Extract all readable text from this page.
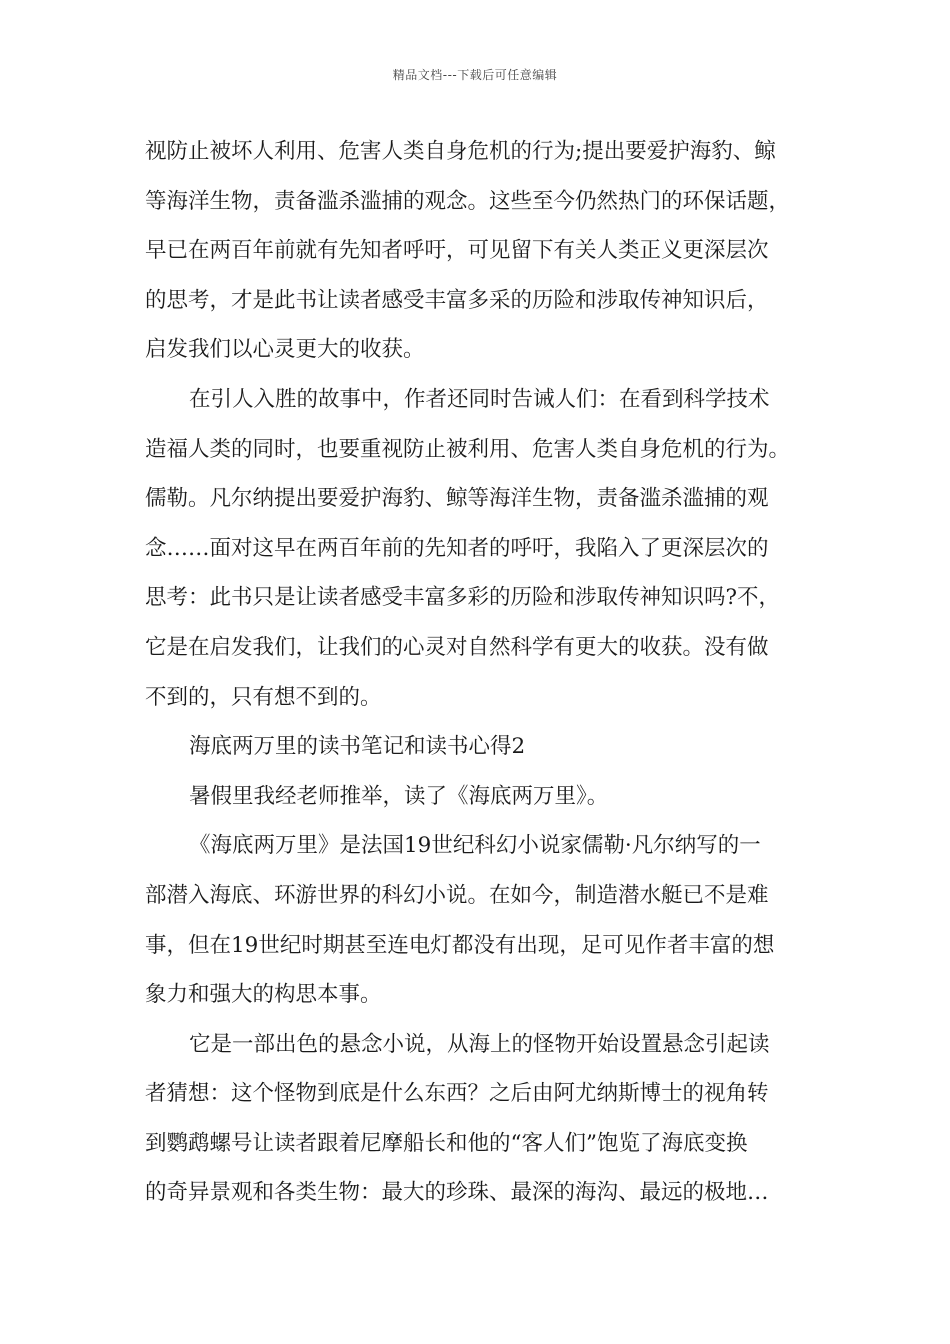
精品文档---下载后可任意编辑
视防止被坏人利用、危害人类自身危机的行为;提出要爱护海豹、鲸
等海洋生物，责备滥杀滥捕的观念。这些至今仍然热门的环保话题，
早已在两百年前就有先知者呼吁，可见留下有关人类正义更深层次
的思考，才是此书让读者感受丰富多采的历险和涉取传神知识后，
启发我们以心灵更大的收获。
在引人入胜的故事中，作者还同时告诫人们：在看到科学技术
造福人类的同时，也要重视防止被利用、危害人类自身危机的行为。
儒勒。凡尔纳提出要爱护海豹、鲸等海洋生物，责备滥杀滥捕的观
念……面对这早在两百年前的先知者的呼吁，我陷入了更深层次的
思考：此书只是让读者感受丰富多彩的历险和涉取传神知识吗?不，
它是在启发我们，让我们的心灵对自然科学有更大的收获。没有做
不到的，只有想不到的。
海底两万里的读书笔记和读书心得2
暑假里我经老师推举，读了《海底两万里》。
《海底两万里》是法国19世纪科幻小说家儒勒·凡尔纳写的一
部潜入海底、环游世界的科幻小说。在如今，制造潜水艇已不是难
事，但在19世纪时期甚至连电灯都没有出现，足可见作者丰富的想
象力和强大的构思本事。
它是一部出色的悬念小说，从海上的怪物开始设置悬念引起读
者猜想：这个怪物到底是什么东西？之后由阿尤纳斯博士的视角转
到鹦鹉螺号让读者跟着尼摩船长和他的“客人们”饱览了海底变换
的奇异景观和各类生物：最大的珍珠、最深的海沟、最远的极地…
